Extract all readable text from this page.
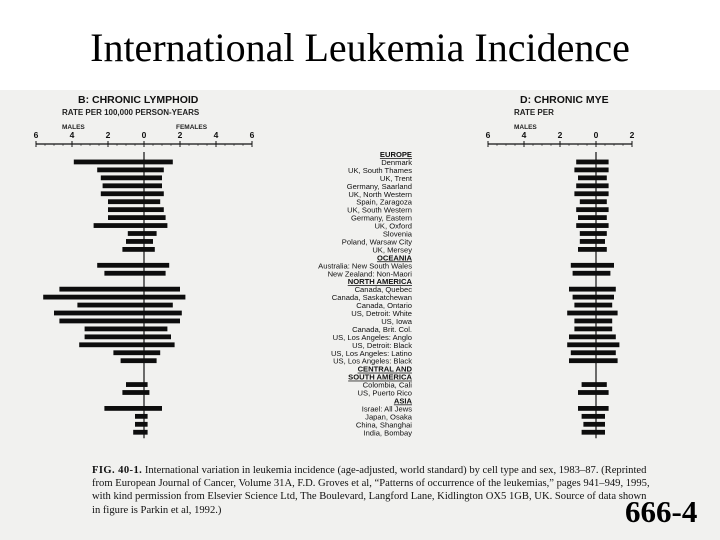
International Leukemia Incidence
EUROPE
Denmark
UK, South Thames
UK, Trent
Germany, Saarland
UK, North Western
Spain, Zaragoza
UK, South Western
Germany, Eastern
UK, Oxford
Slovenia
Poland, Warsaw City
UK, Mersey
OCEANIA
Australia: New South Wales
New Zealand: Non-Maori
NORTH AMERICA
Canada, Quebec
Canada, Saskatchewan
Canada, Ontario
US, Detroit: White
US, Iowa
Canada, Brit. Col.
US, Los Angeles: Anglo
US, Detroit: Black
US, Los Angeles: Latino
US, Los Angeles: Black
CENTRAL AND
SOUTH AMERICA
Colombia, Cali
US, Puerto Rico
ASIA
Israel: All Jews
Japan, Osaka
China, Shanghai
India, Bombay
B: CHRONIC LYMPHOID
RATE PER 100,000 PERSON-YEARS
MALES	FEMALES
6	4	2	0	2	4	6
D: CHRONIC MYE
RATE PER
MALES
6	4	2	0	2
FIG. 40-1. International variation in leukemia incidence (age-adjusted, world standard) by cell type and sex, 1983–87. (Reprinted from European Journal of Cancer, Volume 31A, F.D. Groves et al, “Patterns of occurrence of the leukemias,” pages 941–949, 1995, with kind permission from Elsevier Science Ltd, The Boulevard, Langford Lane, Kidlington OX5 1GB, UK. Source of data shown in figure is Parkin et al, 1992.)	666-4
